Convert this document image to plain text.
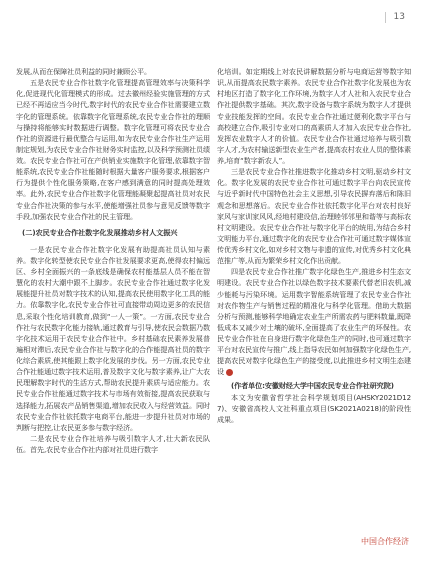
13

发展,从而在保障社员利益的同时兼顾公平。

五是农民专业合作社数字化管理提高管理效率与决策科学化,促进现代化管理模式的形成。过去徽州经验实施管理的方式已经不再适应当今时代,数字时代的农民专业合作社需要建立数字化的管理系统。依靠数字化管理系统,农民专业合作社的理顺与操持将能够实时数据进行调整。数字化管理可将农民专业合作社的资源进行最优整合与运用,如为农民专业合作社生产运用制定规划,为农民专业合作社财务实时监控,以及科学预测社员绩效。农民专业合作社可在产供销业实施数字化管理,依靠数字智能系统,农民专业合作社能随时根据大量客户服务要求,根据客户行为提供个性化服务策略,在客户感到满意的同时提高处理效率。此外,农民专业合作社数字化管理能凝聚起提高社员对农民专业合作社决策的参与水平,使能增强社员参与意见反馈等数字手段,加强农民专业合作社的民主管理。

(二)农民专业合作社数字化发展推动乡村人文振兴

一是农民专业合作社数字化发展有助提高社员认知与素养。数字化转型使农民专业合作社发展要求更高,使得农村偏远区、乡村全面振兴的一条底线是确保农村能基层人员不能在智慧化的农村大潮中跟不上脚步。农民专业合作社通过数字化发展能提升社员对数字技术的认知,提高农民使用数字化工具的能力。依靠数字化,农民专业合作社可直接带动周边更多的农民信息,采取个性化培训教育,做到“一人一策”。一方面,农民专业合作社与农民数字化能力接轨,通过教育与引导,使农民会数据乃数字化技术运用于农民专业合作社中。乡村基础农民素养发展普遍相对滞后,农民专业合作社与数字化的合作能提高社员的数字化综合素质,使其能跟上数字化发展的步伐。另一方面,农民专业合作社能通过数字技术运用,普及数字文化与数字素养,让广大农民理解数字时代的生活方式,帮助农民提升素质与适应能力。农民专业合作社能通过数字技术与市场有效衔接,提高农民获取与选择能力,拓展农产品销售渠道,增加农民收入与经营效益。同时农民专业合作社依托数字电商平台,能进一步提升社员对市场的判断与把控,让农民更多参与数字经济。

二是农民专业合作社培养与吸引数字人才,壮大新农民队伍。首先,农民专业合作社内部对社员进行数字

化培训。如定期线上对农民讲解数据分析与电商运营等数字知识,从而提高农民数字素养。农民专业合作社数字化发展也为农村地区打造了数字化工作环境,为数字人才人社和入农民专业合作社提供数字基础。其次,数字设备与数字系统为数字人才提供专业技能发挥的空间。农民专业合作社通过便利化数字平台与高校建立合作,吸引专业对口的高素质人才加入农民专业合作社,发挥农业数字人才的价值。农民专业合作社通过培养与吸引数字人才,为农村输送新型农业生产者,提高农村农业人员的整体素养,培育“数字新农人”。

三是农民专业合作社推进数字化推动乡村文明,驱动乡村文化。数字化发展的农民专业合作社可通过数字平台向农民宣传与近乎新时代中国特色社会主义思想,引导农民摒弃落后和陈旧观念和思想落后。农民专业合作社依托数字化平台对农村良好家风与家训家风风,经地村建设信,治理睦邻邻里和谐等与高标农村文明建设。农民专业合作社与数字化平台的统用,为结合乡村文明能力平台,通过数字化的农民专业合作社可通过数字媒体宣传优秀乡村文化,如对乡村文物与非遗的宣传,对优秀乡村文化典范推广等,从而为繁荣乡村文化作出贡献。

四是农民专业合作社推广数字化绿色生产,推进乡村生态文明建设。农民专业合作社以绿色数字技术要素代替老旧农机,减少能耗与污染环境。运用数字智能系统管理了农民专业合作社对农作物生产与销售过程的精准化与科学化管理。借助大数据分析与预测,能够科学地确定农业生产所需农药与肥料数量,既降低成本又减少对土壤的破坏,全面提高了农业生产的环保性。农民专业合作社在自身进行数字化绿色生产的同时,也可通过数字平台对农民宣传与推广,线上指导农民如何加强数字化绿色生产,提高农民对数字化绿色生产的接受度,以此推进乡村文明生态建设

(作者单位:安徽财经大学中国农民专业合作社研究院)

本文为安徽省哲学社会科学规划项目(AHSKY2021D127)、安徽省高校人文社科重点项目(SK2021A0218)的阶段性成果。

中国合作经济
